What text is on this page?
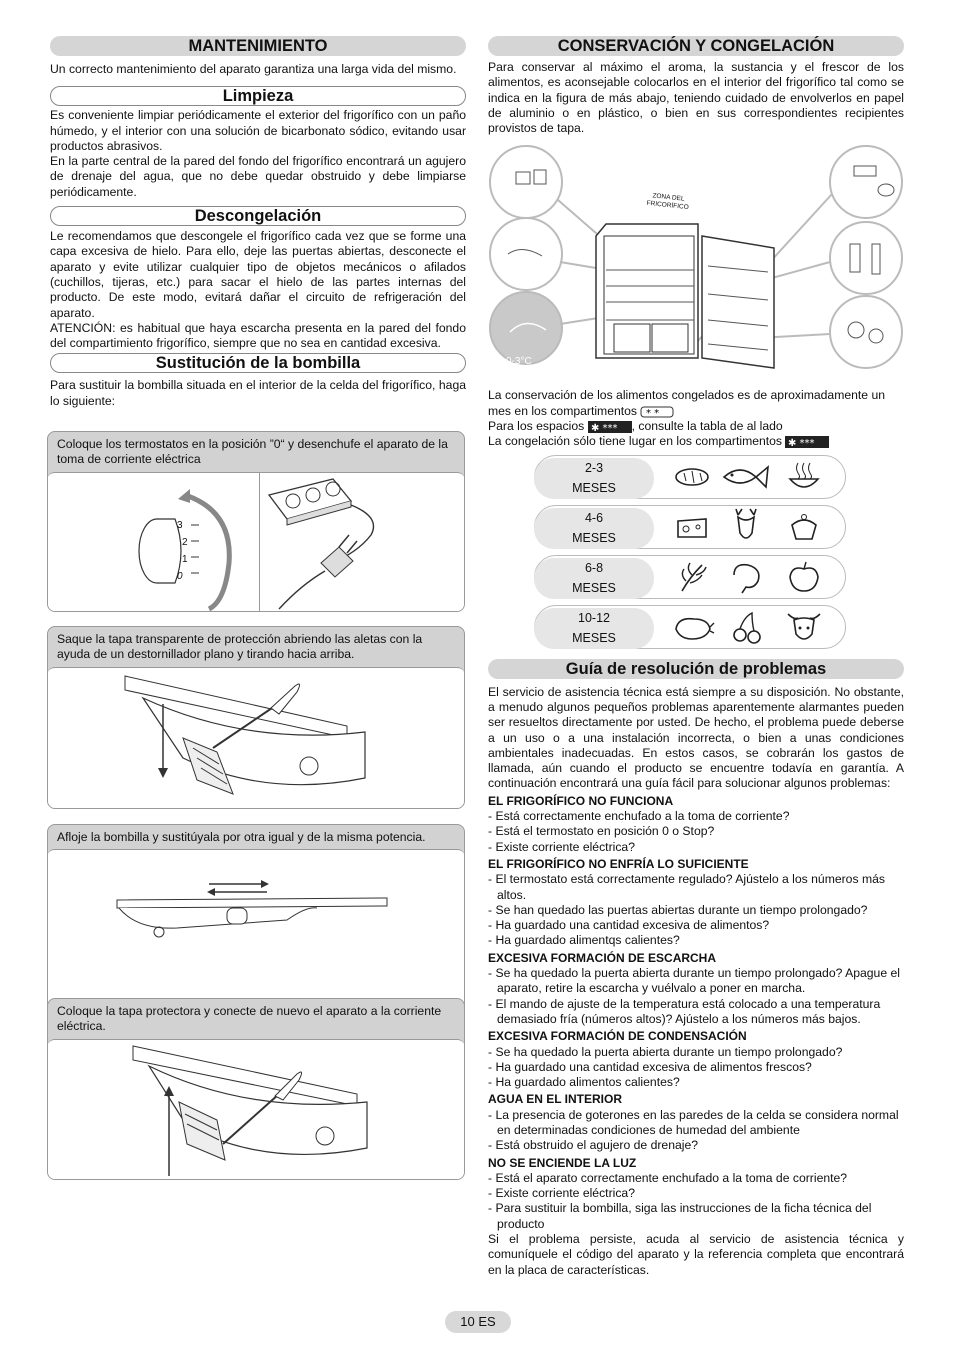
MANTENIMIENTO

Un correcto mantenimiento del aparato garantiza una larga vida del mismo.

Limpieza

Es conveniente limpiar periódicamente el exterior del frigorífico con un paño húmedo, y el interior con una solución de bicarbonato sódico, evitando usar productos abrasivos.

En la parte central de la pared del fondo del frigorífico encontrará un agujero de drenaje del agua, que no debe quedar obstruido y debe limpiarse periódicamente.

Descongelación

Le recomendamos que descongele el frigorífico cada vez que se forme una capa excesiva de hielo. Para ello, deje las puertas abiertas, desconecte el aparato y evite utilizar cualquier tipo de objetos mecánicos o afilados (cuchillos, tijeras, etc.) para sacar el hielo de las partes internas del producto. De este modo, evitará dañar el circuito de refrigeración del aparato.

ATENCIÓN: es habitual que haya escarcha presenta en la pared del fondo del compartimiento frigorífico, siempre que no sea en cantidad excesiva.

Sustitución de la bombilla

Para sustituir la bombilla situada en el interior de la celda del frigorífico, haga lo siguiente:

Coloque los termostatos en la posición ”0“ y desenchufe el aparato de la toma de corriente eléctrica
3
2
1
0
Saque la tapa transparente de protección abriendo las aletas con la ayuda de un destornillador plano y tirando hacia arriba.
Afloje la bombilla y sustitúyala por otra igual y de la misma potencia.
Coloque la tapa protectora y conecte de nuevo el aparato a la corriente eléctrica.
CONSERVACIÓN Y CONGELACIÓN

Para conservar al máximo el aroma, la sustancia y el frescor de los alimentos, es aconsejable colocarlos en el interior del frigorífico tal como se indica en la figura de más abajo, teniendo cuidado de envolverlos en papel de aluminio o en plástico, o bien en sus correspondientes recipientes provistos de tapa.

ZONA DEL
FRICORÍFICO
0-3°C

La conservación de los alimentos congelados es de aproximadamente un mes en los compartimentos * *

Para los espacios ✱ *** , consulte la tabla de al lado

La congelación sólo tiene lugar en los compartimentos ✱ ***

2-3
MESES
4-6
MESES
6-8
MESES
10-12
MESES
Guía de resolución de problemas

El servicio de asistencia técnica está siempre a su disposición. No obstante, a menudo algunos pequeños problemas aparentemente alarmantes pueden ser resueltos directamente por usted. De hecho, el problema puede deberse a un uso o a una instalación incorrecta, o bien a unas condiciones ambientales inadecuadas. En estos casos, se cobrarán los gastos de llamada, aún cuando el producto se encuentre todavía en garantía. A continuación encontrará una guía fácil para solucionar algunos problemas:

EL FRIGORÍFICO NO FUNCIONA
- Está correctamente enchufado a la toma de corriente?
- Está el termostato en posición 0 o Stop?
- Existe corriente eléctrica?
EL FRIGORÍFICO NO ENFRÍA LO SUFICIENTE
- El termostato está correctamente regulado? Ajústelo a los números más altos.
- Se han quedado las puertas abiertas durante un tiempo prolongado?
- Ha guardado una cantidad excesiva de alimentos?
- Ha guardado alimentqs calientes?
EXCESIVA FORMACIÓN DE ESCARCHA
- Se ha quedado la puerta abierta durante un tiempo prolongado? Apague el aparato, retire la escarcha y vuélvalo a poner en marcha.
- El mando de ajuste de la temperatura está colocado a una temperatura demasiado fría (números altos)? Ajústelo a los números más bajos.
EXCESIVA FORMACIÓN DE CONDENSACIÓN
- Se ha quedado la puerta abierta durante un tiempo prolongado?
- Ha guardado una cantidad excesiva de alimentos frescos?
- Ha guardado alimentos calientes?
AGUA EN EL INTERIOR
- La presencia de goterones en las paredes de la celda se considera normal en determinadas condiciones de humedad del ambiente
- Está obstruido el agujero de drenaje?
NO SE ENCIENDE LA LUZ
- Está el aparato correctamente enchufado a la toma de corriente?
- Existe corriente eléctrica?
- Para sustituir la bombilla, siga las instrucciones de la ficha técnica del producto

Si el problema persiste, acuda al servicio de asistencia técnica y comuníquele el código del aparato y la referencia completa que encontrará en la placa de características.

10 ES
